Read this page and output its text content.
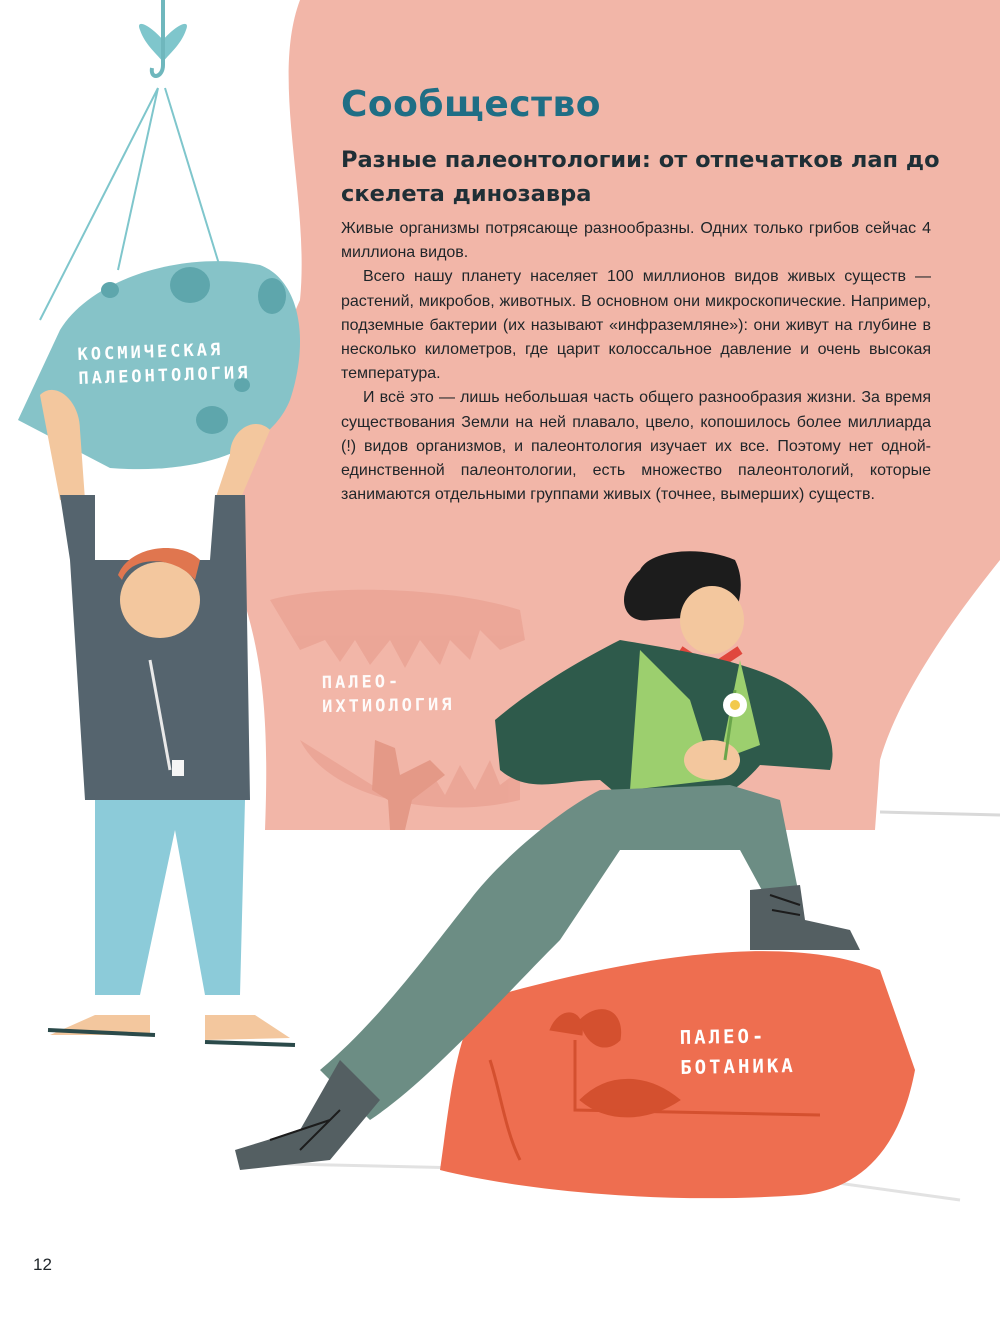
Сообщество
Разные палеонтологии: от отпечатков лап до скелета динозавра

Живые организмы потрясающе разнообразны. Одних только грибов сейчас 4 миллиона видов.

Всего нашу планету населяет 100 миллионов видов живых существ — растений, микробов, животных. В основном они микроскопические. Например, подземные бактерии (их называют «инфраземляне»): они живут на глубине в несколько километров, где царит колоссальное давление и очень высокая температура.

И всё это — лишь небольшая часть общего разнообразия жизни. За время существования Земли на ней плавало, цвело, копошилось более миллиарда (!) видов организмов, и палеонтология изучает их все. Поэтому нет одной-единственной палеонтологии, есть множество палеонтологий, которые занимаются отдельными группами живых (точнее, вымерших) существ.

КОСМИЧЕСКАЯ
ПАЛЕОНТОЛОГИЯ
ПАЛЕО-
ИХТИОЛОГИЯ
ПАЛЕО-
БОТАНИКА
12
